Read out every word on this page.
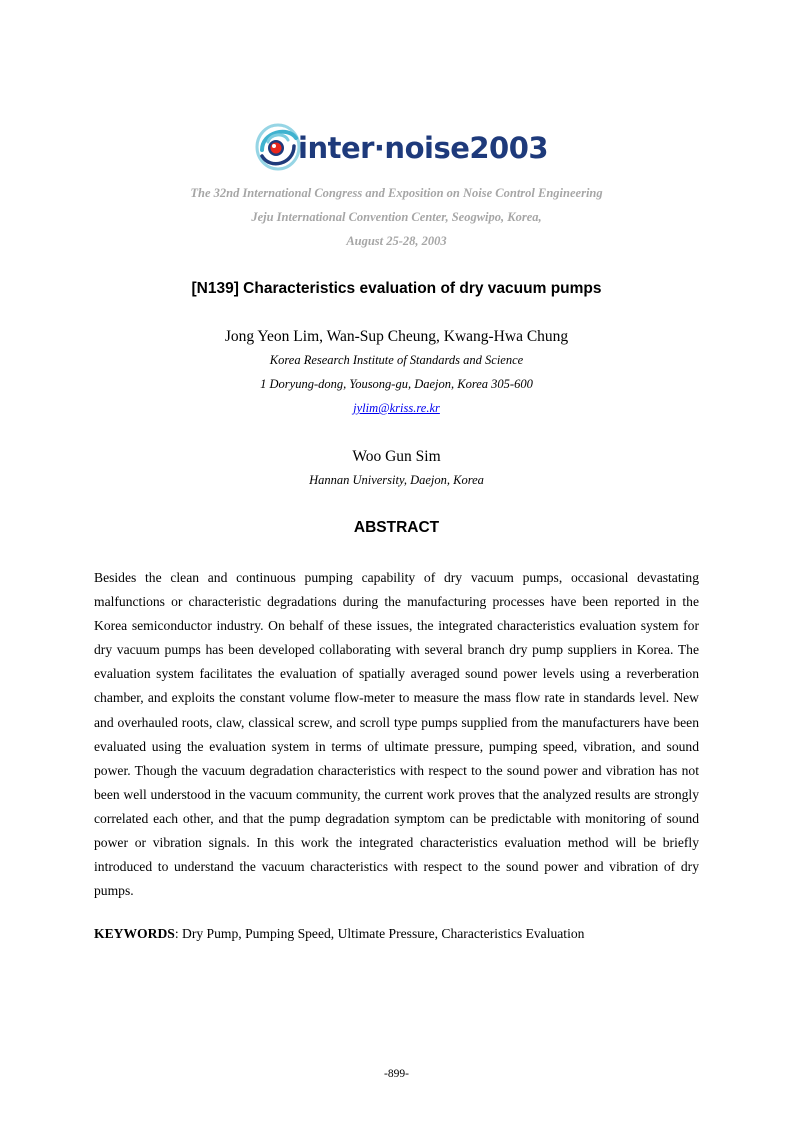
inter·noise2003
The 32nd International Congress and Exposition on Noise Control Engineering
Jeju International Convention Center, Seogwipo, Korea,
August 25-28, 2003
[N139] Characteristics evaluation of dry vacuum pumps
Jong Yeon Lim, Wan-Sup Cheung, Kwang-Hwa Chung
Korea Research Institute of Standards and Science
1 Doryung-dong, Yousong-gu, Daejon, Korea 305-600
jylim@kriss.re.kr
Woo Gun Sim
Hannan University, Daejon, Korea
ABSTRACT

Besides the clean and continuous pumping capability of dry vacuum pumps, occasional devastating malfunctions or characteristic degradations during the manufacturing processes have been reported in the Korea semiconductor industry. On behalf of these issues, the integrated characteristics evaluation system for dry vacuum pumps has been developed collaborating with several branch dry pump suppliers in Korea. The evaluation system facilitates the evaluation of spatially averaged sound power levels using a reverberation chamber, and exploits the constant volume flow-meter to measure the mass flow rate in standards level. New and overhauled roots, claw, classical screw, and scroll type pumps supplied from the manufacturers have been evaluated using the evaluation system in terms of ultimate pressure, pumping speed, vibration, and sound power. Though the vacuum degradation characteristics with respect to the sound power and vibration has not been well understood in the vacuum community, the current work proves that the analyzed results are strongly correlated each other, and that the pump degradation symptom can be predictable with monitoring of sound power or vibration signals. In this work the integrated characteristics evaluation method will be briefly introduced to understand the vacuum characteristics with respect to the sound power and vibration of dry pumps.

KEYWORDS: Dry Pump, Pumping Speed, Ultimate Pressure, Characteristics Evaluation
-899-
